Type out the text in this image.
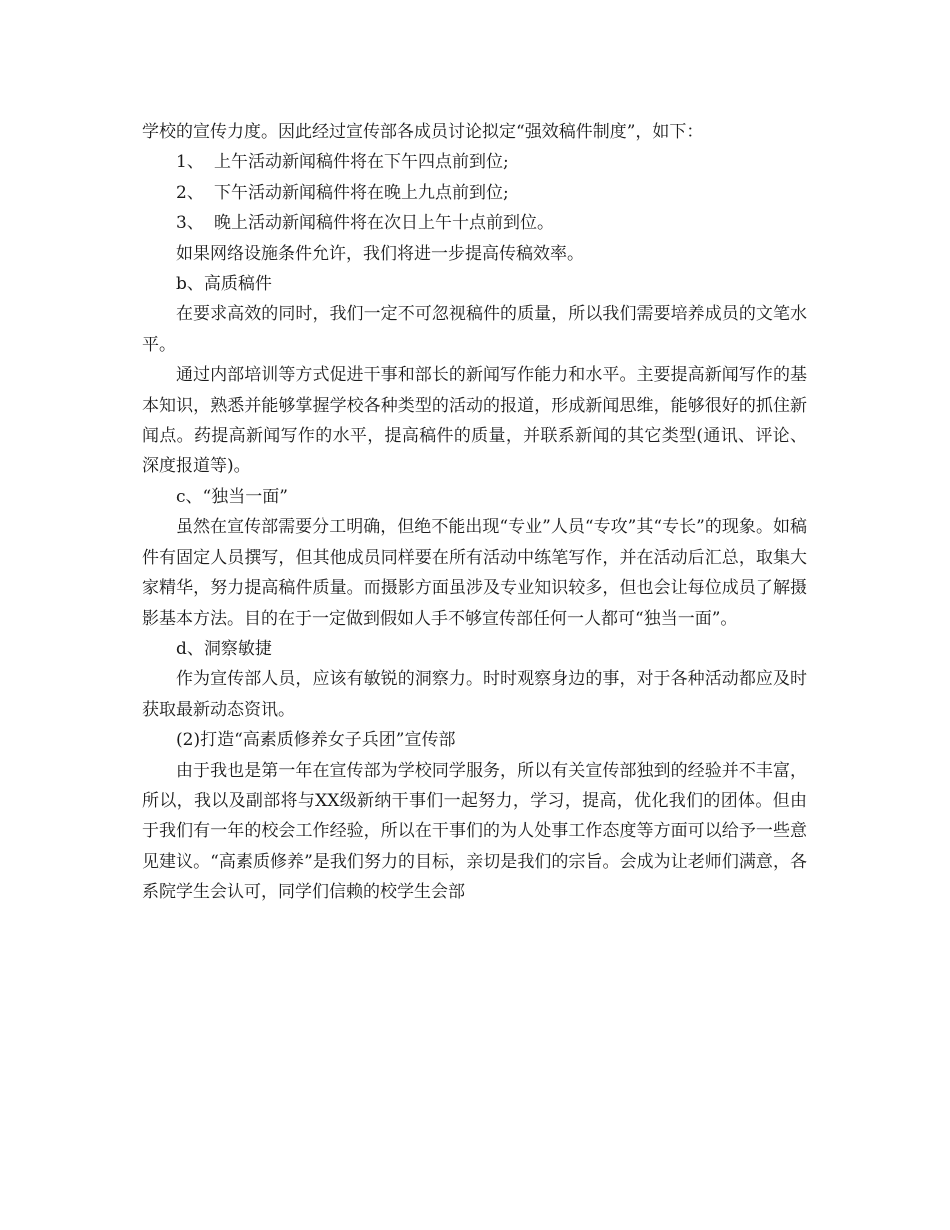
学校的宣传力度。因此经过宣传部各成员讨论拟定“强效稿件制度”，如下：

1、 上午活动新闻稿件将在下午四点前到位;

2、 下午活动新闻稿件将在晚上九点前到位;

3、 晚上活动新闻稿件将在次日上午十点前到位。

如果网络设施条件允许，我们将进一步提高传稿效率。

b、高质稿件

在要求高效的同时，我们一定不可忽视稿件的质量，所以我们需要培养成员的文笔水平。

通过内部培训等方式促进干事和部长的新闻写作能力和水平。主要提高新闻写作的基本知识，熟悉并能够掌握学校各种类型的活动的报道，形成新闻思维，能够很好的抓住新闻点。药提高新闻写作的水平，提高稿件的质量，并联系新闻的其它类型(通讯、评论、深度报道等)。

c、“独当一面”

虽然在宣传部需要分工明确，但绝不能出现“专业”人员“专攻”其“专长”的现象。如稿件有固定人员撰写，但其他成员同样要在所有活动中练笔写作，并在活动后汇总，取集大家精华，努力提高稿件质量。而摄影方面虽涉及专业知识较多，但也会让每位成员了解摄影基本方法。目的在于一定做到假如人手不够宣传部任何一人都可“独当一面”。

d、洞察敏捷

作为宣传部人员，应该有敏锐的洞察力。时时观察身边的事，对于各种活动都应及时获取最新动态资讯。

(2)打造“高素质修养女子兵团”宣传部

由于我也是第一年在宣传部为学校同学服务，所以有关宣传部独到的经验并不丰富，所以，我以及副部将与XX级新纳干事们一起努力，学习，提高，优化我们的团体。但由于我们有一年的校会工作经验，所以在干事们的为人处事工作态度等方面可以给予一些意见建议。“高素质修养”是我们努力的目标，亲切是我们的宗旨。会成为让老师们满意，各系院学生会认可，同学们信赖的校学生会部
